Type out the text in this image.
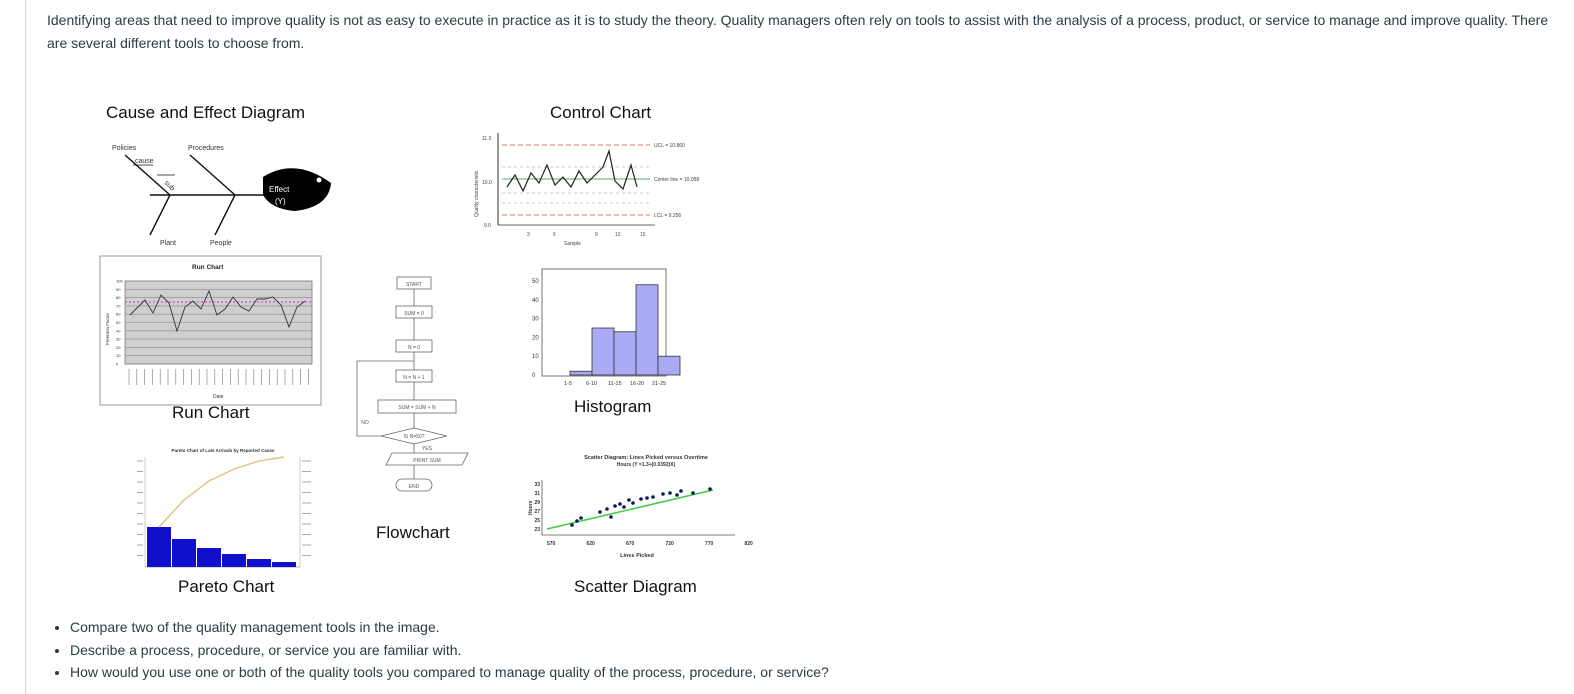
Identifying areas that need to improve quality is not as easy to execute in practice as it is to study the theory. Quality managers often rely on tools to assist with the analysis of a process, product, or service to manage and improve quality. There are several different tools to choose from.

Policies	Procedures
cause
sub
Plant	People
Effect
(Y)
11.0
10.0
9.0
UCL = 10.860
Center line = 10.058
LCL = 9.256
3	6	9	12	15
Sample
Quality characteristic
Run Chart
Date
Freemon Factor
100
90
80
70
60
50
40
30
20
10
0
START
SUM = 0
N = 0
N = N + 1
SUM = SUM + N
IS N=50?
YES
NO
PRINT SUM
END
50
40
30
20
10
0
1-5	6-10 11-15 16-20 21-25
Pareto Chart of Late Arrivals by Reported Cause
Scatter Diagram: Lines Picked versus Overtime
Hours (Y =1.3+(0.0392)X)
570	620	670	720	770	820
33
31
29
27
25
23
Lines Picked
Hours
Cause and Effect Diagram	Control Chart
Run Chart	Histogram
Flowchart
Pareto Chart	Scatter Diagram
• Compare two of the quality management tools in the image.
• Describe a process, procedure, or service you are familiar with.
• How would you use one or both of the quality tools you compared to manage quality of the process, procedure, or service?
